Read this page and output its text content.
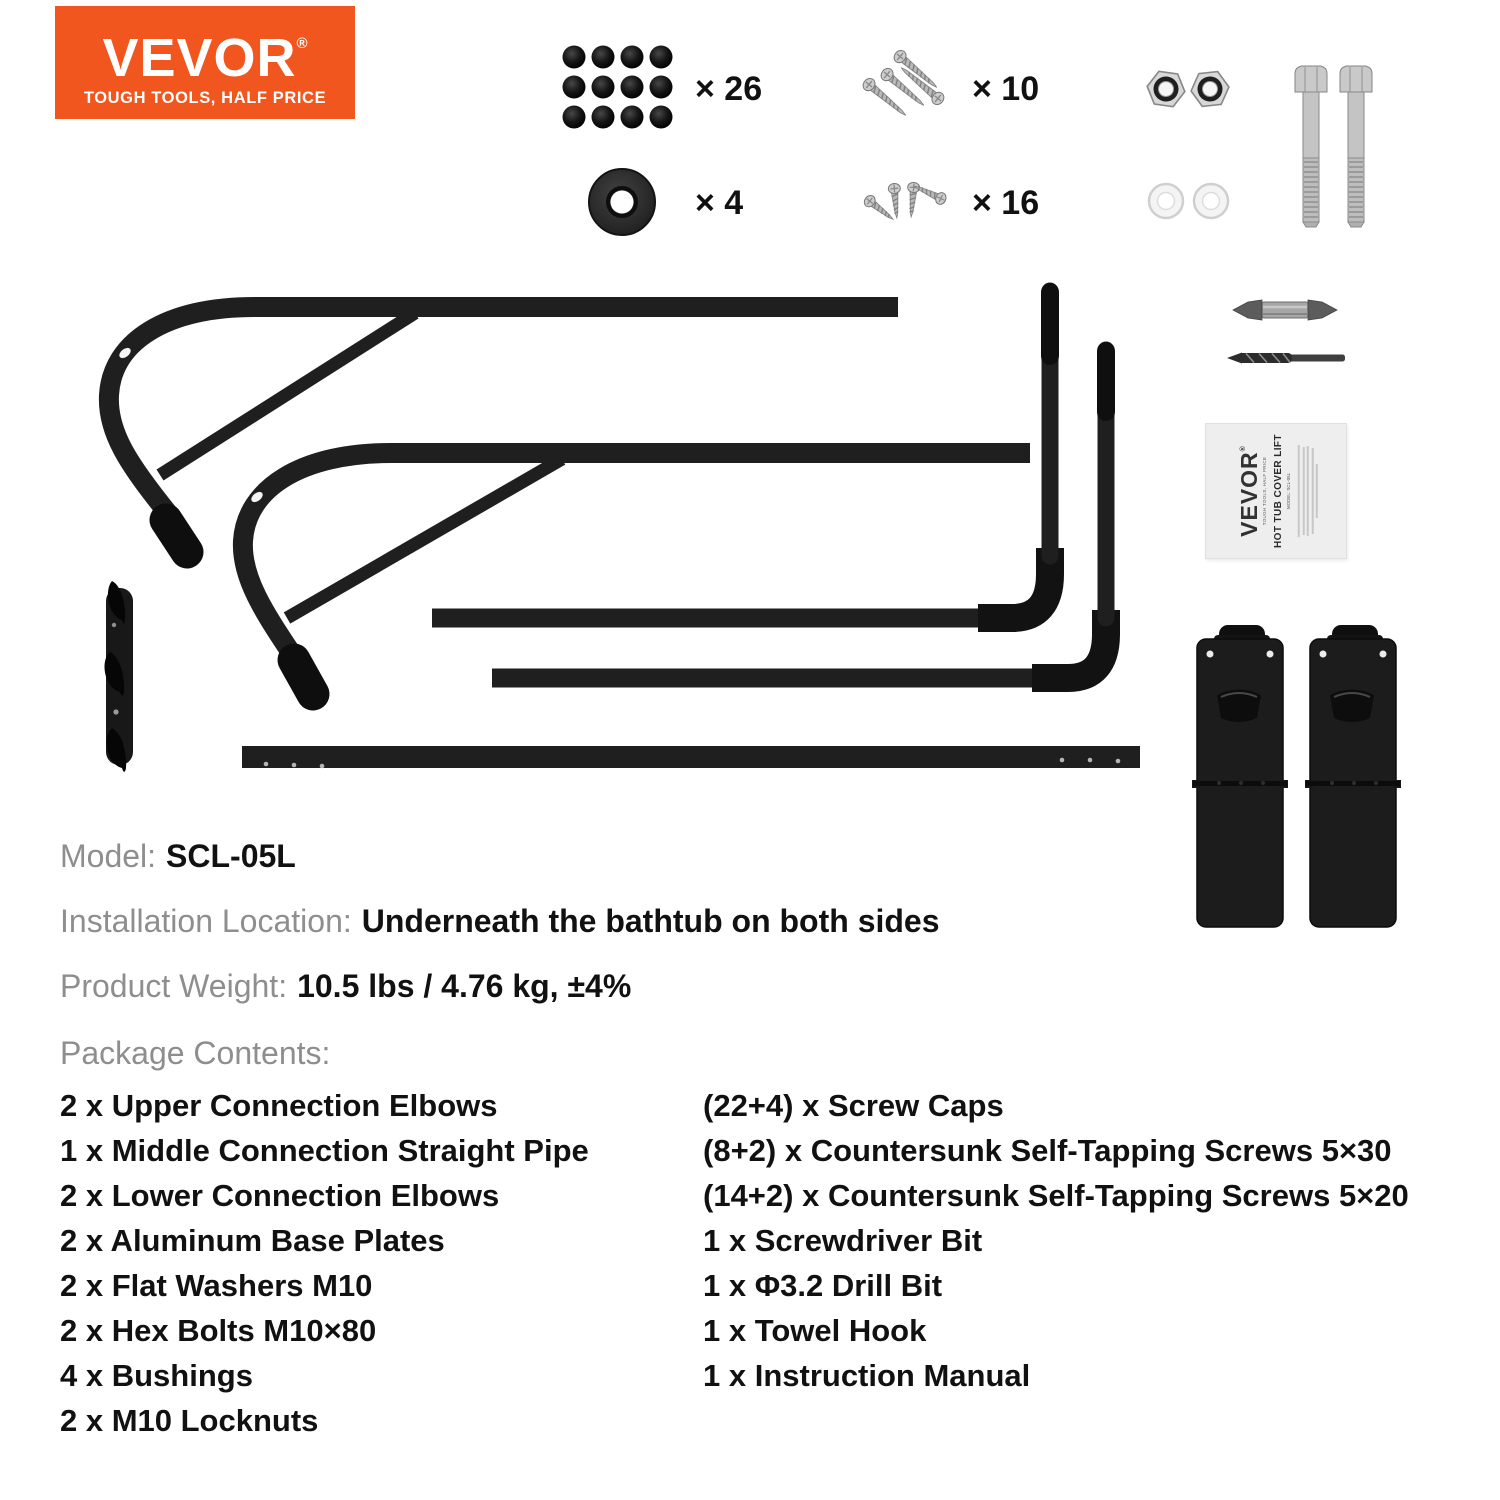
VEVOR®
TOUGH TOOLS, HALF PRICE	× 26	× 10
× 4	× 16
VEVOR®
TOUGH TOOLS, HALF PRICE HOT TUB COVER LIFT MODEL: SCL-05L
Model: SCL-05L
Installation Location: Underneath the bathtub on both sides
Product Weight: 10.5 lbs / 4.76 kg, ±4%
Package Contents:
2 x Upper Connection Elbows
1 x Middle Connection Straight Pipe
2 x Lower Connection Elbows
2 x Aluminum Base Plates
2 x Flat Washers M10
2 x Hex Bolts M10×80
4 x Bushings
2 x M10 Locknuts
(22+4) x Screw Caps
(8+2) x Countersunk Self-Tapping Screws 5×30
(14+2) x Countersunk Self-Tapping Screws 5×20
1 x Screwdriver Bit
1 x Φ3.2 Drill Bit
1 x Towel Hook
1 x Instruction Manual
